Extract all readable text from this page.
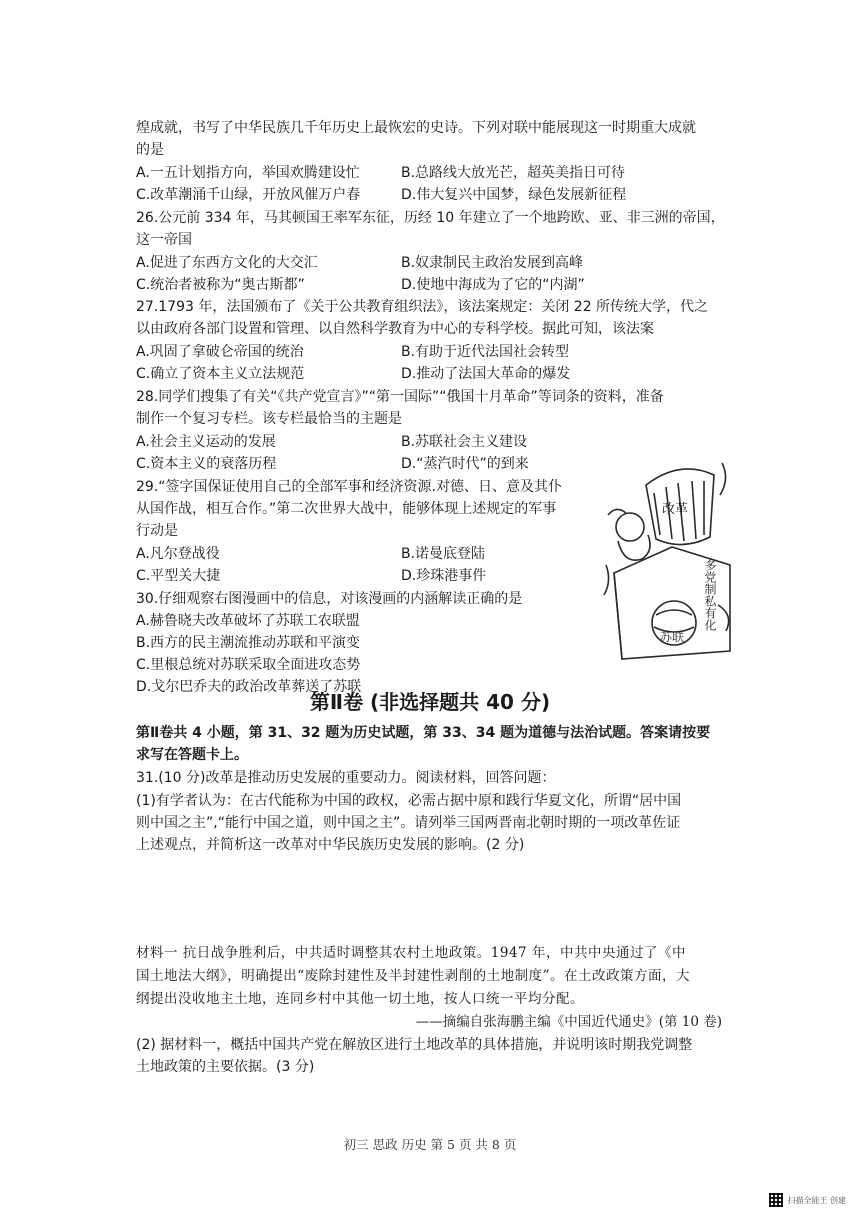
煌成就，书写了中华民族几千年历史上最恢宏的史诗。下列对联中能展现这一时期重大成就
的是
A.一五计划指方向，举国欢腾建设忙	B.总路线大放光芒，超英美指日可待
C.改革潮涌千山绿，开放风催万户春	D.伟大复兴中国梦，绿色发展新征程
26.公元前 334 年，马其顿国王率军东征，历经 10 年建立了一个地跨欧、亚、非三洲的帝国，
这一帝国
A.促进了东西方文化的大交汇	B.奴隶制民主政治发展到高峰
C.统治者被称为“奥古斯都”	D.使地中海成为了它的“内湖”
27.1793 年，法国颁布了《关于公共教育组织法》，该法案规定：关闭 22 所传统大学，代之
以由政府各部门设置和管理、以自然科学教育为中心的专科学校。据此可知，该法案
A.巩固了拿破仑帝国的统治	B.有助于近代法国社会转型
C.确立了资本主义立法规范	D.推动了法国大革命的爆发
28.同学们搜集了有关“《共产党宣言》”“第一国际”“俄国十月革命”等词条的资料，准备
制作一个复习专栏。该专栏最恰当的主题是
A.社会主义运动的发展	B.苏联社会主义建设
C.资本主义的衰落历程	D.“蒸汽时代”的到来
29.“签字国保证使用自己的全部军事和经济资源.对德、日、意及其仆
从国作战，相互合作。”第二次世界大战中，能够体现上述规定的军事
行动是
A.凡尔登战役	B.诺曼底登陆
C.平型关大捷	D.珍珠港事件
30.仔细观察右图漫画中的信息，对该漫画的内涵解读正确的是
A.赫鲁晓夫改革破坏了苏联工农联盟
B.西方的民主潮流推动苏联和平演变
C.里根总统对苏联采取全面进攻态势
D.戈尔巴乔夫的政治改革葬送了苏联
改革
多党制私有化
苏联
第Ⅱ卷 (非选择题共 40 分)
第Ⅱ卷共 4 小题，第 31、32 题为历史试题，第 33、34 题为道德与法治试题。答案请按要
求写在答题卡上。
31.(10 分)改革是推动历史发展的重要动力。阅读材料，回答问题：
(1)有学者认为：在古代能称为中国的政权，必需占据中原和践行华夏文化，所谓“居中国
则中国之主”,“能行中国之道，则中国之主”。请列举三国两晋南北朝时期的一项改革佐证
上述观点，并简析这一改革对中华民族历史发展的影响。(2 分)
材料一 抗日战争胜利后，中共适时调整其农村土地政策。1947 年，中共中央通过了《中
国土地法大纲》，明确提出“废除封建性及半封建性剥削的土地制度”。在土改政策方面，大
纲提出没收地主土地，连同乡村中其他一切土地，按人口统一平均分配。
——摘编自张海鹏主编《中国近代通史》(第 10 卷)
(2) 据材料一，概括中国共产党在解放区进行土地改革的具体措施，并说明该时期我党调整
土地政策的主要依据。(3 分)
初三 思政 历史 第 5 页 共 8 页
扫描全能王 创建
